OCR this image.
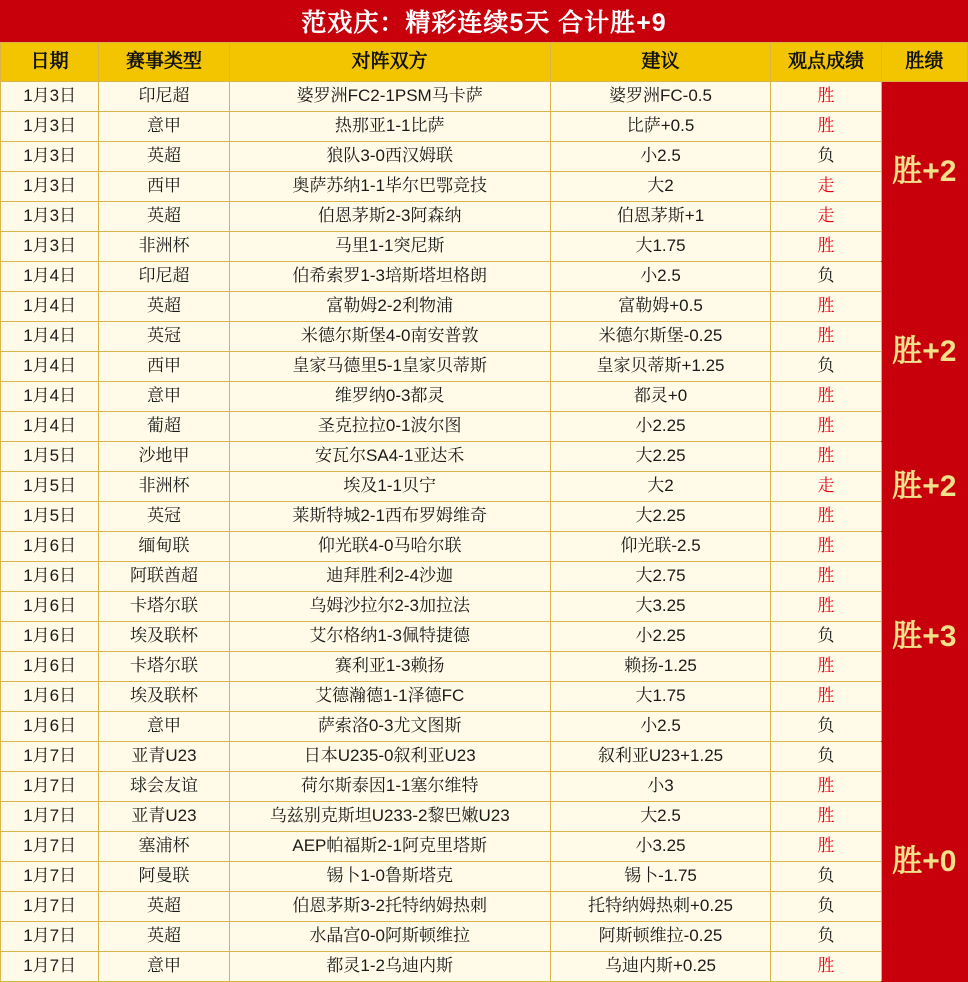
范戏庆：精彩连续5天 合计胜+9
日期	赛事类型	对阵双方	建议	观点成绩	胜绩
1月3日	印尼超	婆罗洲FC2-1PSM马卡萨	婆罗洲FC-0.5	胜	胜+2
1月3日	意甲	热那亚1-1比萨	比萨+0.5	胜	
1月3日	英超	狼队3-0西汉姆联	小2.5	负	
1月3日	西甲	奥萨苏纳1-1毕尔巴鄂竞技	大2	走	
1月3日	英超	伯恩茅斯2-3阿森纳	伯恩茅斯+1	走	
1月3日	非洲杯	马里1-1突尼斯	大1.75	胜	
1月4日	印尼超	伯希索罗1-3培斯塔坦格朗	小2.5	负	胜+2
1月4日	英超	富勒姆2-2利物浦	富勒姆+0.5	胜	
1月4日	英冠	米德尔斯堡4-0南安普敦	米德尔斯堡-0.25	胜	
1月4日	西甲	皇家马德里5-1皇家贝蒂斯	皇家贝蒂斯+1.25	负	
1月4日	意甲	维罗纳0-3都灵	都灵+0	胜	
1月4日	葡超	圣克拉拉0-1波尔图	小2.25	胜	
1月5日	沙地甲	安瓦尔SA4-1亚达禾	大2.25	胜	胜+2
1月5日	非洲杯	埃及1-1贝宁	大2	走	
1月5日	英冠	莱斯特城2-1西布罗姆维奇	大2.25	胜	
1月6日	缅甸联	仰光联4-0马哈尔联	仰光联-2.5	胜	胜+3
1月6日	阿联酋超	迪拜胜利2-4沙迦	大2.75	胜	
1月6日	卡塔尔联	乌姆沙拉尔2-3加拉法	大3.25	胜	
1月6日	埃及联杯	艾尔格纳1-3佩特捷德	小2.25	负	
1月6日	卡塔尔联	赛利亚1-3赖扬	赖扬-1.25	胜	
1月6日	埃及联杯	艾德瀚德1-1泽德FC	大1.75	胜	
1月6日	意甲	萨索洛0-3尤文图斯	小2.5	负	
1月7日	亚青U23	日本U235-0叙利亚U23	叙利亚U23+1.25	负	胜+0
1月7日	球会友谊	荷尔斯泰因1-1塞尔维特	小3	胜	
1月7日	亚青U23	乌兹别克斯坦U233-2黎巴嫩U23	大2.5	胜	
1月7日	塞浦杯	AEP帕福斯2-1阿克里塔斯	小3.25	胜	
1月7日	阿曼联	锡卜1-0鲁斯塔克	锡卜-1.75	负	
1月7日	英超	伯恩茅斯3-2托特纳姆热刺	托特纳姆热刺+0.25	负	
1月7日	英超	水晶宫0-0阿斯顿维拉	阿斯顿维拉-0.25	负	
1月7日	意甲	都灵1-2乌迪内斯	乌迪内斯+0.25	胜	
